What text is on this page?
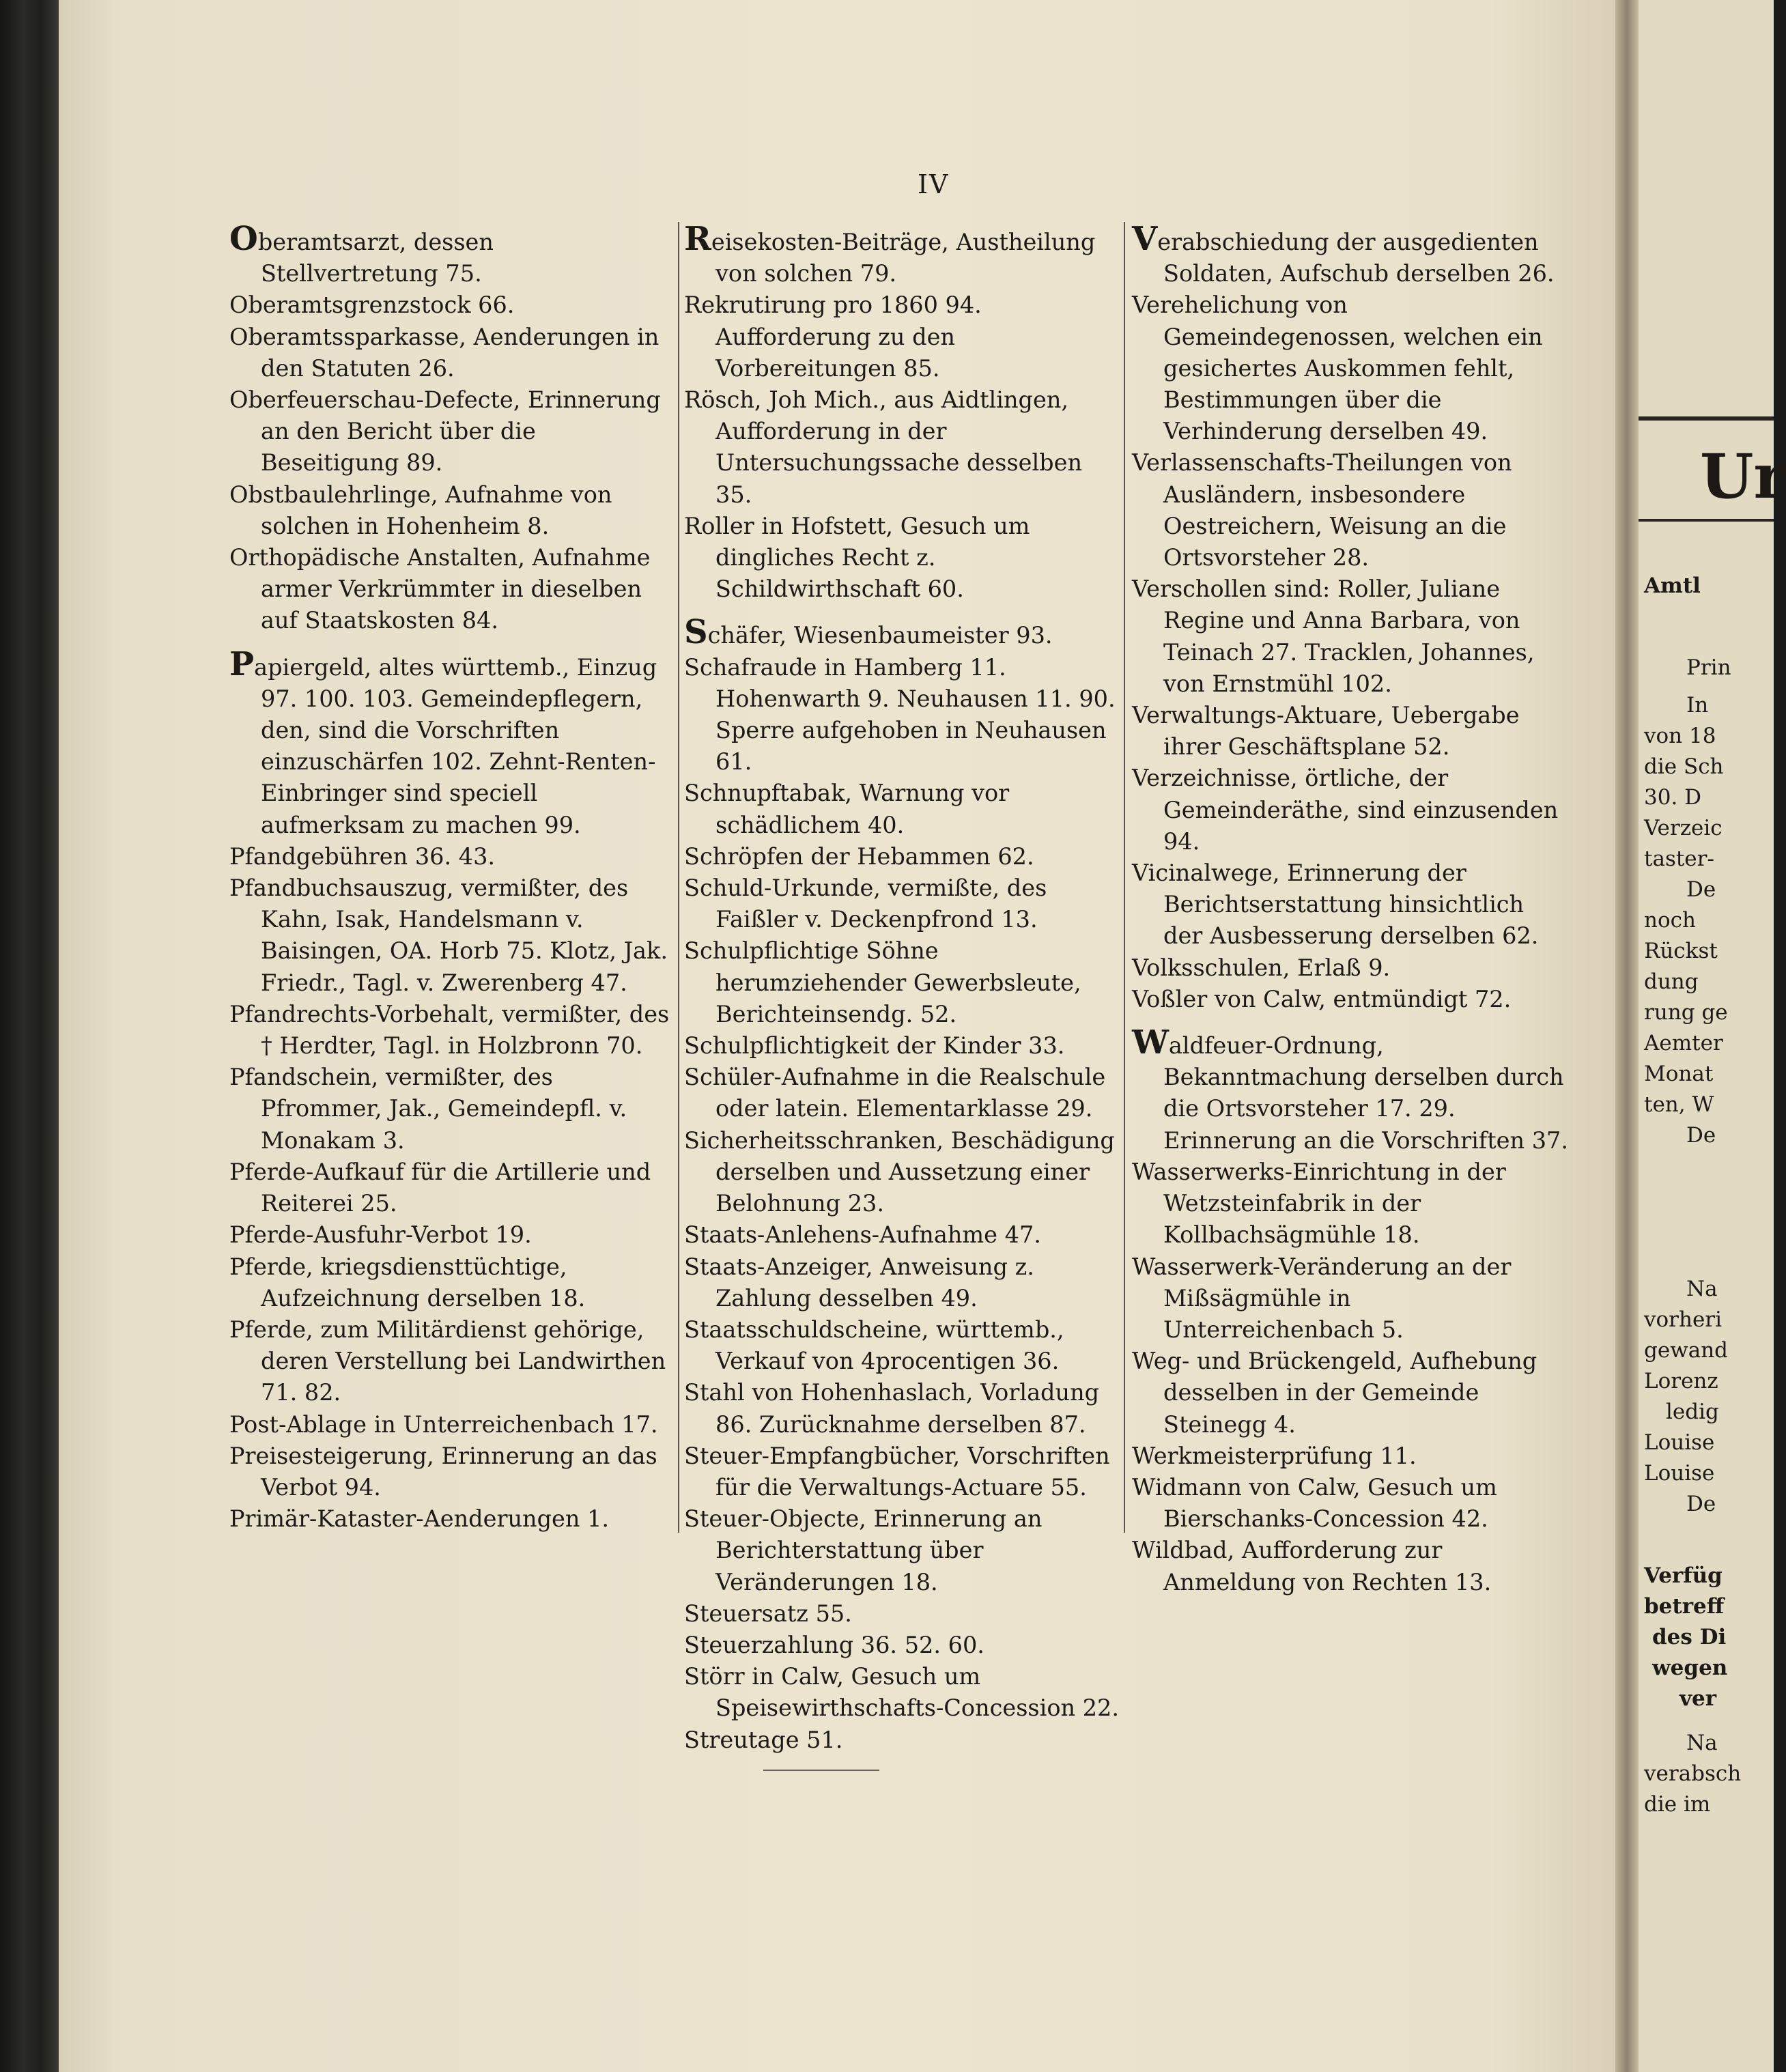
IV

Oberamtsarzt, dessen Stellvertretung 75.

Oberamtsgrenzstock 66.

Oberamtssparkasse, Aenderungen in den Statuten 26.

Oberfeuerschau-Defecte, Erinnerung an den Bericht über die Beseitigung 89.

Obstbaulehrlinge, Aufnahme von solchen in Hohenheim 8.

Orthopädische Anstalten, Aufnahme armer Verkrümmter in dieselben auf Staatskosten 84.

Papiergeld, altes württemb., Einzug 97. 100. 103. Gemeindepflegern, den, sind die Vorschriften einzuschärfen 102. Zehnt-Renten-Einbringer sind speciell aufmerksam zu machen 99.

Pfandgebühren 36. 43.

Pfandbuchsauszug, vermißter, des Kahn, Isak, Handelsmann v. Baisingen, OA. Horb 75. Klotz, Jak. Friedr., Tagl. v. Zwerenberg 47.

Pfandrechts-Vorbehalt, vermißter, des † Herdter, Tagl. in Holzbronn 70.

Pfandschein, vermißter, des Pfrommer, Jak., Gemeindepfl. v. Monakam 3.

Pferde-Aufkauf für die Artillerie und Reiterei 25.

Pferde-Ausfuhr-Verbot 19.

Pferde, kriegsdiensttüchtige, Aufzeichnung derselben 18.

Pferde, zum Militärdienst gehörige, deren Verstellung bei Landwirthen 71. 82.

Post-Ablage in Unterreichenbach 17.

Preisesteigerung, Erinnerung an das Verbot 94.

Primär-Kataster-Aenderungen 1.

Reisekosten-Beiträge, Austheilung von solchen 79.

Rekrutirung pro 1860 94. Aufforderung zu den Vorbereitungen 85.

Rösch, Joh Mich., aus Aidtlingen, Aufforderung in der Untersuchungssache desselben 35.

Roller in Hofstett, Gesuch um dingliches Recht z. Schildwirthschaft 60.

Schäfer, Wiesenbaumeister 93.

Schafraude in Hamberg 11. Hohenwarth 9. Neuhausen 11. 90. Sperre aufgehoben in Neuhausen 61.

Schnupftabak, Warnung vor schädlichem 40.

Schröpfen der Hebammen 62.

Schuld-Urkunde, vermißte, des Faißler v. Deckenpfrond 13.

Schulpflichtige Söhne herumziehender Gewerbsleute, Berichteinsendg. 52.

Schulpflichtigkeit der Kinder 33.

Schüler-Aufnahme in die Realschule oder latein. Elementarklasse 29.

Sicherheitsschranken, Beschädigung derselben und Aussetzung einer Belohnung 23.

Staats-Anlehens-Aufnahme 47.

Staats-Anzeiger, Anweisung z. Zahlung desselben 49.

Staatsschuldscheine, württemb., Verkauf von 4procentigen 36.

Stahl von Hohenhaslach, Vorladung 86. Zurücknahme derselben 87.

Steuer-Empfangbücher, Vorschriften für die Verwaltungs-Actuare 55.

Steuer-Objecte, Erinnerung an Berichterstattung über Veränderungen 18.

Steuersatz 55.

Steuerzahlung 36. 52. 60.

Störr in Calw, Gesuch um Speisewirthschafts-Concession 22.

Streutage 51.

Verabschiedung der ausgedienten Soldaten, Aufschub derselben 26.

Verehelichung von Gemeindegenossen, welchen ein gesichertes Auskommen fehlt, Bestimmungen über die Verhinderung derselben 49.

Verlassenschafts-Theilungen von Ausländern, insbesondere Oestreichern, Weisung an die Ortsvorsteher 28.

Verschollen sind: Roller, Juliane Regine und Anna Barbara, von Teinach 27. Tracklen, Johannes, von Ernstmühl 102.

Verwaltungs-Aktuare, Uebergabe ihrer Geschäftsplane 52.

Verzeichnisse, örtliche, der Gemeinderäthe, sind einzusenden 94.

Vicinalwege, Erinnerung der Berichtserstattung hinsichtlich der Ausbesserung derselben 62.

Volksschulen, Erlaß 9.

Voßler von Calw, entmündigt 72.

Waldfeuer-Ordnung, Bekanntmachung derselben durch die Ortsvorsteher 17. 29. Erinnerung an die Vorschriften 37.

Wasserwerks-Einrichtung in der Wetzsteinfabrik in der Kollbachsägmühle 18.

Wasserwerk-Veränderung an der Mißsägmühle in Unterreichenbach 5.

Weg- und Brückengeld, Aufhebung desselben in der Gemeinde Steinegg 4.

Werkmeisterprüfung 11.

Widmann von Calw, Gesuch um Bierschanks-Concession 42.

Wildbad, Aufforderung zur Anmeldung von Rechten 13.

Ur
Amtl
Prin
In
von 18
die Sch
30. D
Verzeic
taster-
De
noch
Rückst
dung
rung ge
Aemter
Monat
ten, W
De
Na
vorheri
gewand
Lorenz
ledig
Louise
Louise
De
Verfüg
betreff
des Di
wegen
ver
Na
verabsch
die im
